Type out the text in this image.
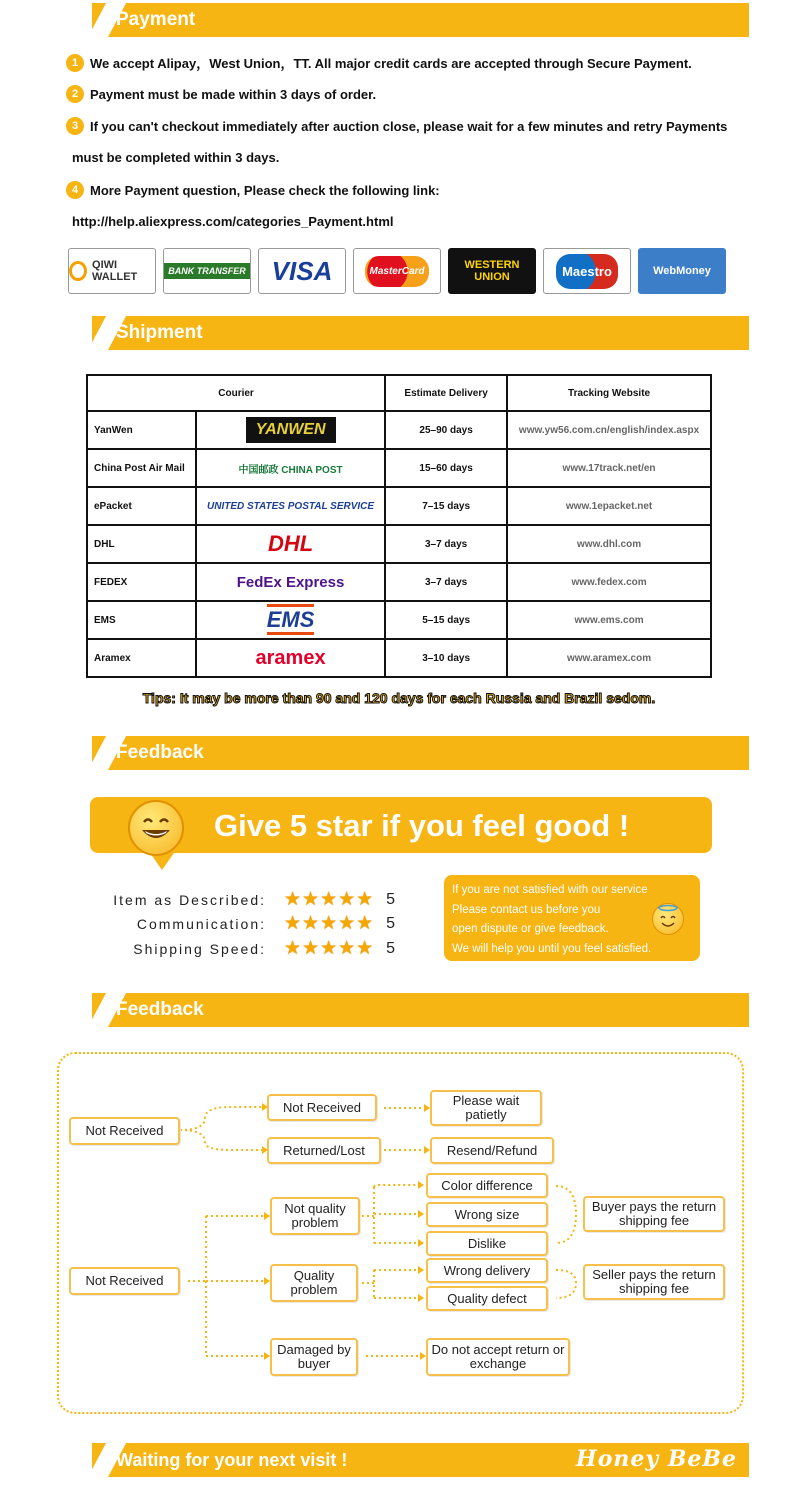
Payment
1 We accept Alipay，West Union，TT. All major credit cards are accepted through Secure Payment.
2 Payment must be made within 3 days of order.
3 If you can't checkout immediately after auction close, please wait for a few minutes and retry Payments
must be completed within 3 days.
4 More Payment question, Please check the following link:
http://help.aliexpress.com/categories_Payment.html
QIWI WALLET	BANK TRANSFER VISA	MasterCard	WESTERN UNION	Maestro	WebMoney
Shipment
Courier		Estimate Delivery	Tracking Website
YanWen	YANWEN	25–90 days	www.yw56.com.cn/english/index.aspx
China Post Air Mail	中国邮政 CHINA POST	15–60 days	www.17track.net/en
ePacket	UNITED STATES POSTAL SERVICE	7–15 days	www.1epacket.net
DHL	DHL	3–7 days	www.dhl.com
FEDEX	FedEx Express	3–7 days	www.fedex.com
EMS	EMS	5–15 days	www.ems.com
Aramex	aramex	3–10 days	www.aramex.com
Tips: It may be more than 90 and 120 days for each Russia and Brazil sedom.
Feedback
Give 5 star if you feel good !
Item as Described: ★★★★★ 5
Communication: ★★★★★ 5
Shipping Speed: ★★★★★ 5
If you are not satisfied with our service
Please contact us before you
open dispute or give feedback.
We will help you until you feel satisfied.
Feedback
Not Received
Not Received	Please wait patietly
Returned/Lost	Resend/Refund
Not Received
Not quality problem
Quality problem
Damaged by buyer
Color difference
Wrong size
Dislike
Wrong delivery
Quality defect
Buyer pays the return shipping fee
Seller pays the return shipping fee
Do not accept return or exchange
Waiting for your next visit !	Honey BeBe
